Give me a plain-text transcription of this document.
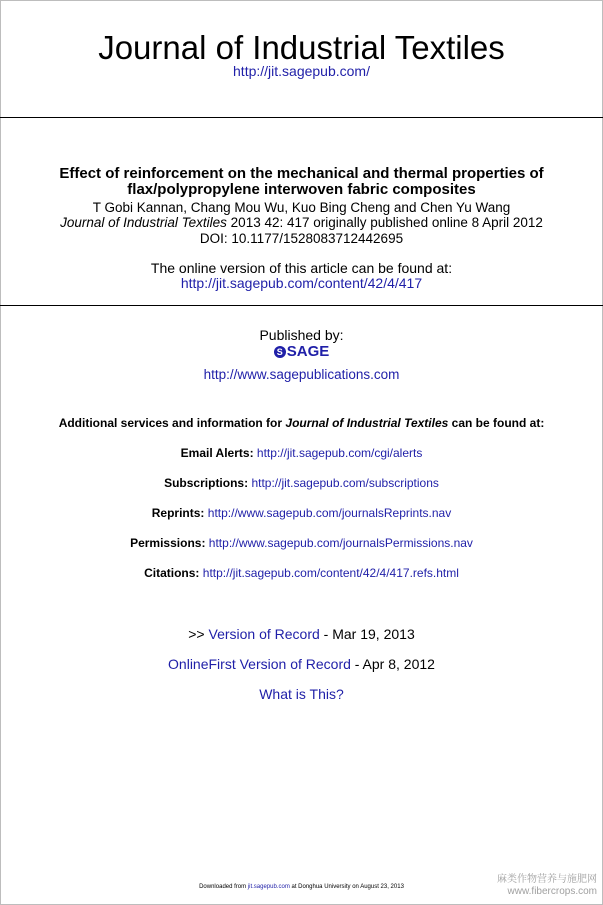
Journal of Industrial Textiles
http://jit.sagepub.com/
Effect of reinforcement on the mechanical and thermal properties of
flax/polypropylene interwoven fabric composites
T Gobi Kannan, Chang Mou Wu, Kuo Bing Cheng and Chen Yu Wang
Journal of Industrial Textiles 2013 42: 417 originally published online 8 April 2012
DOI: 10.1177/1528083712442695
The online version of this article can be found at:
http://jit.sagepub.com/content/42/4/417
Published by:
S SAGE
http://www.sagepublications.com
Additional services and information for Journal of Industrial Textiles can be found at:
Email Alerts: http://jit.sagepub.com/cgi/alerts
Subscriptions: http://jit.sagepub.com/subscriptions
Reprints: http://www.sagepub.com/journalsReprints.nav
Permissions: http://www.sagepub.com/journalsPermissions.nav
Citations: http://jit.sagepub.com/content/42/4/417.refs.html
>> Version of Record - Mar 19, 2013
OnlineFirst Version of Record - Apr 8, 2012
What is This?
Downloaded from jit.sagepub.com at Donghua University on August 23, 2013
麻类作物营养与施肥网
www.fibercrops.com
